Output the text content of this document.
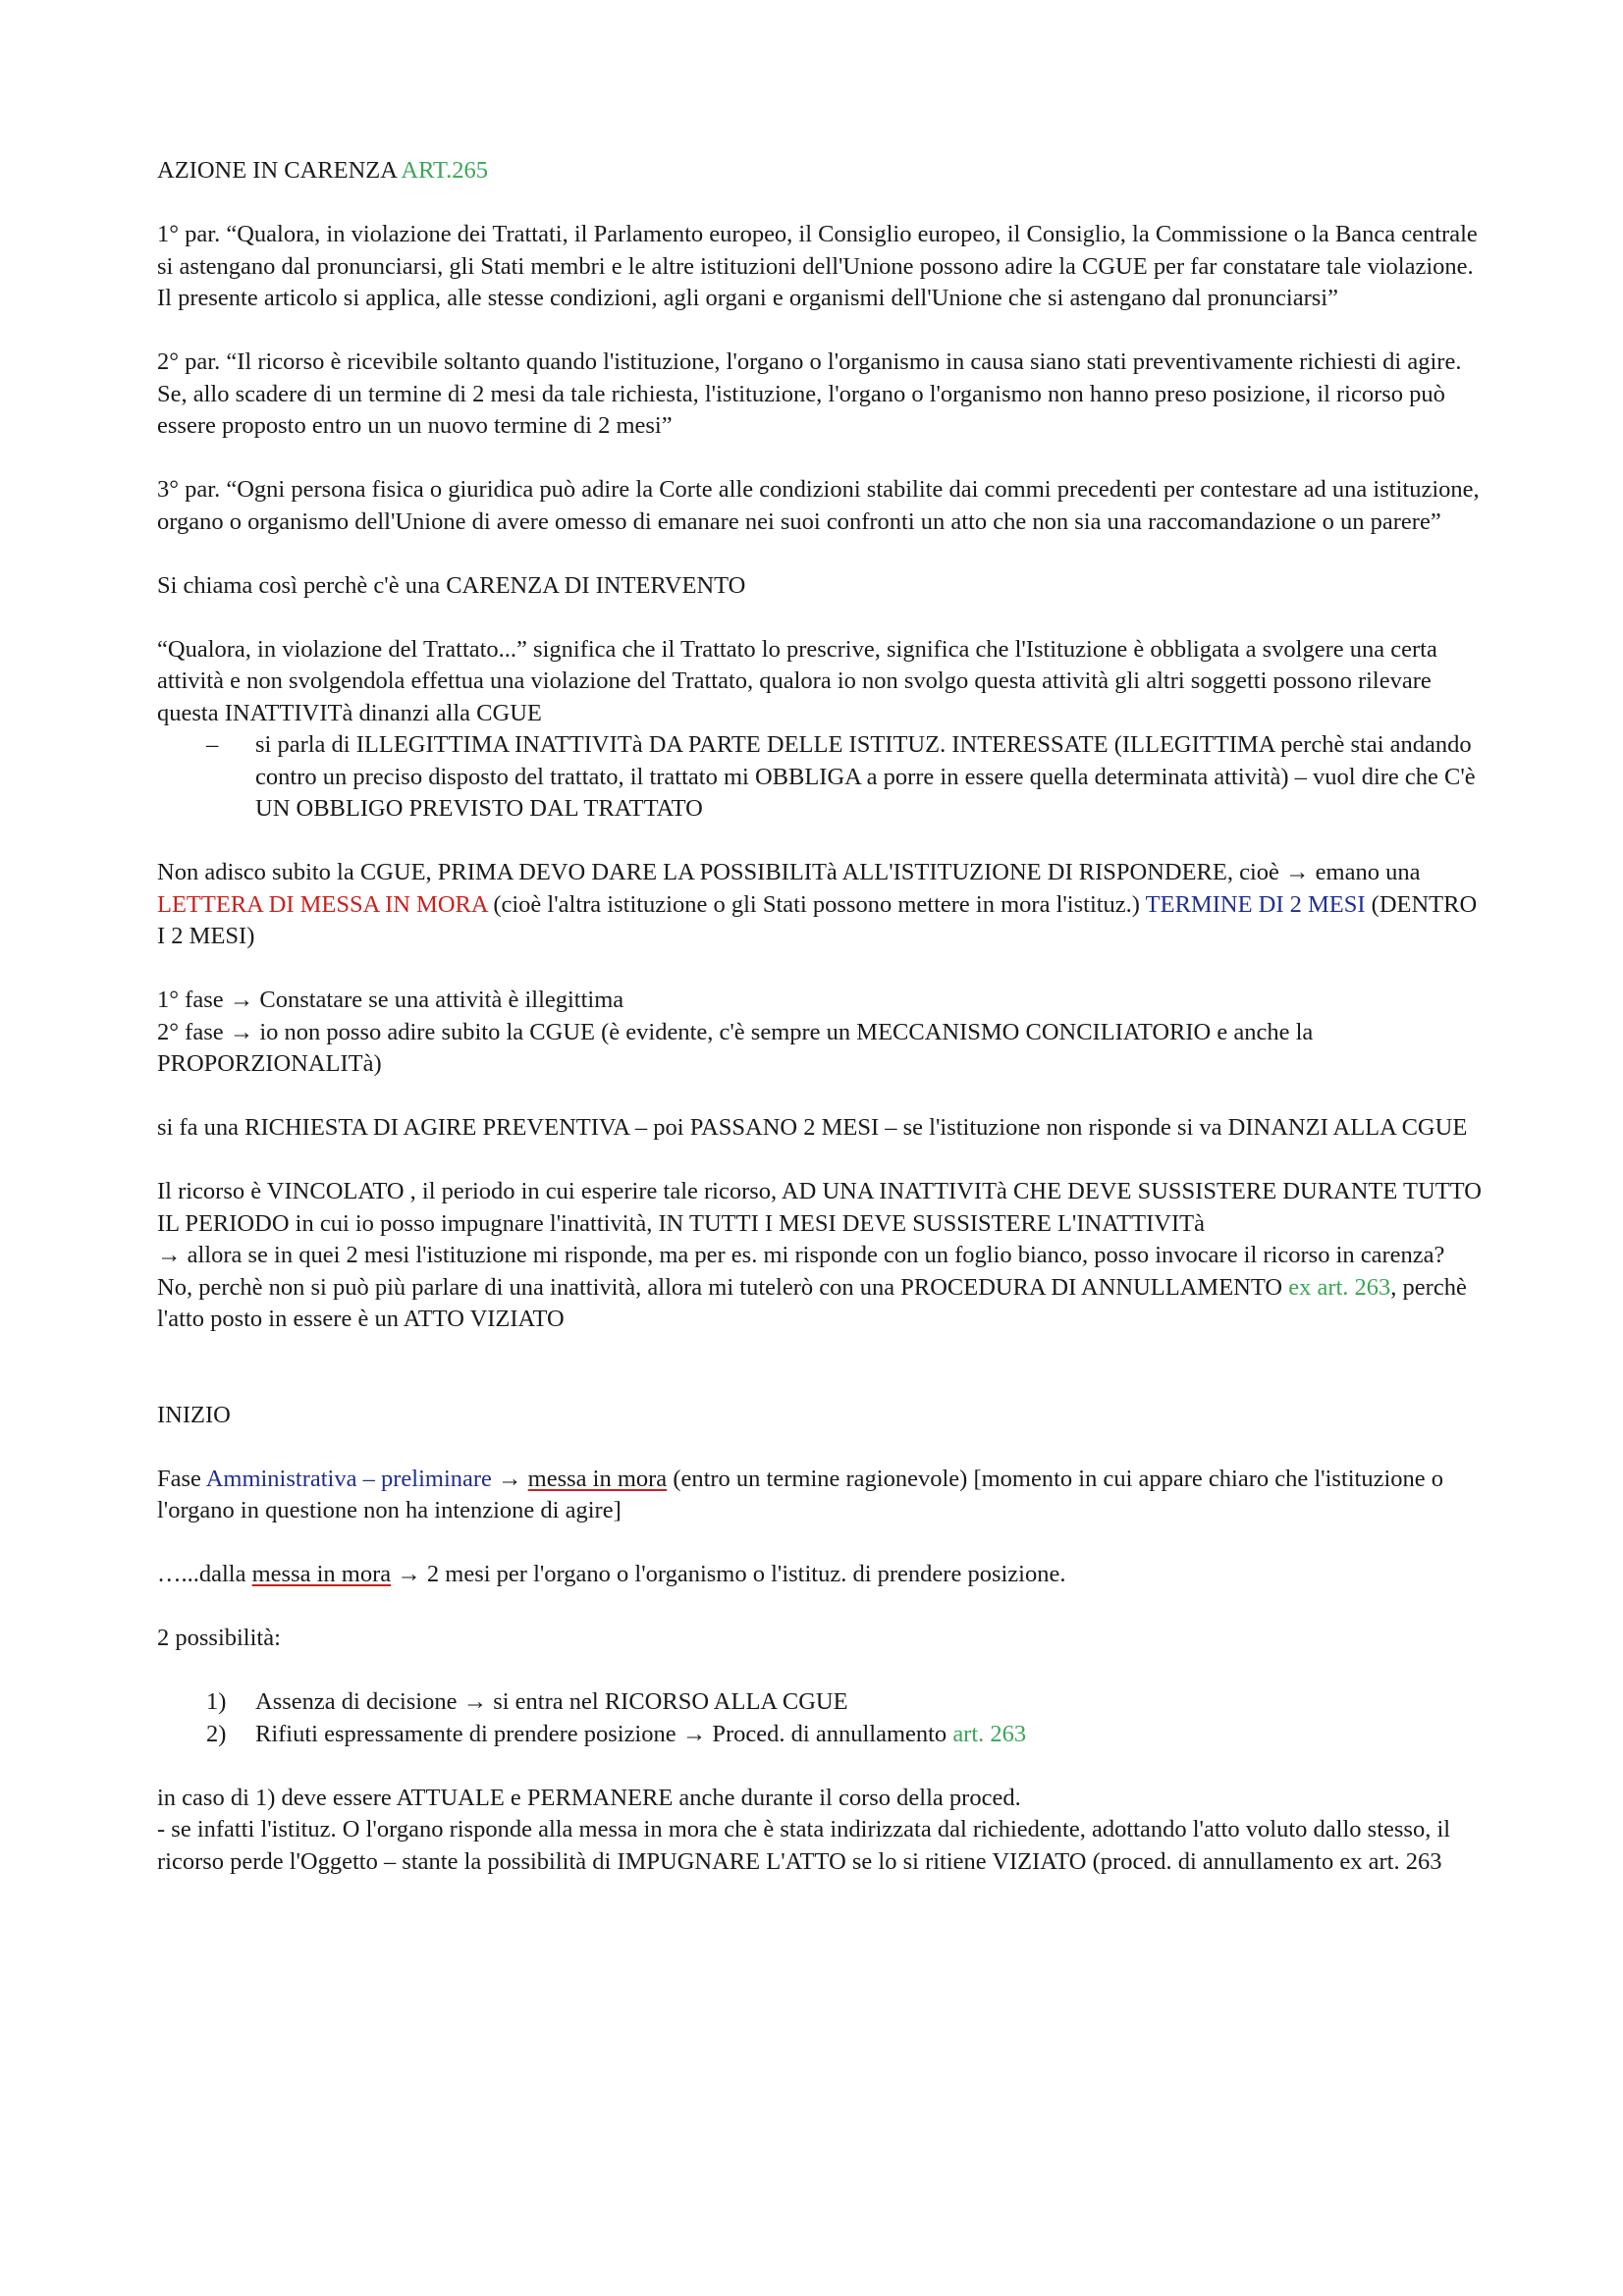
AZIONE IN CARENZA ART.265

1° par. “Qualora, in violazione dei Trattati, il Parlamento europeo, il Consiglio europeo, il Consiglio, la Commissione o la Banca centrale si astengano dal pronunciarsi, gli Stati membri e le altre istituzioni dell'Unione possono adire la CGUE per far constatare tale violazione. Il presente articolo si applica, alle stesse condizioni, agli organi e organismi dell'Unione che si astengano dal pronunciarsi”

2° par. “Il ricorso è ricevibile soltanto quando l'istituzione, l'organo o l'organismo in causa siano stati preventivamente richiesti di agire. Se, allo scadere di un termine di 2 mesi da tale richiesta, l'istituzione, l'organo o l'organismo non hanno preso posizione, il ricorso può essere proposto entro un un nuovo termine di 2 mesi”

3° par. “Ogni persona fisica o giuridica può adire la Corte alle condizioni stabilite dai commi precedenti per contestare ad una istituzione, organo o organismo dell'Unione di avere omesso di emanare nei suoi confronti un atto che non sia una raccomandazione o un parere”

Si chiama così perchè c'è una CARENZA DI INTERVENTO

“Qualora, in violazione del Trattato...” significa che il Trattato lo prescrive, significa che l'Istituzione è obbligata a svolgere una certa attività e non svolgendola effettua una violazione del Trattato, qualora io non svolgo questa attività gli altri soggetti possono rilevare questa INATTIVITà dinanzi alla CGUE

– si parla di ILLEGITTIMA INATTIVITà DA PARTE DELLE ISTITUZ. INTERESSATE (ILLEGITTIMA perchè stai andando contro un preciso disposto del trattato, il trattato mi OBBLIGA a porre in essere quella determinata attività) – vuol dire che C'è UN OBBLIGO PREVISTO DAL TRATTATO

Non adisco subito la CGUE, PRIMA DEVO DARE LA POSSIBILITà ALL'ISTITUZIONE DI RISPONDERE, cioè → emano una LETTERA DI MESSA IN MORA (cioè l'altra istituzione o gli Stati possono mettere in mora l'istituz.) TERMINE DI 2 MESI (DENTRO I 2 MESI)

1° fase → Constatare se una attività è illegittima

2° fase → io non posso adire subito la CGUE (è evidente, c'è sempre un MECCANISMO CONCILIATORIO e anche la PROPORZIONALITà)

si fa una RICHIESTA DI AGIRE PREVENTIVA – poi PASSANO 2 MESI – se l'istituzione non risponde si va DINANZI ALLA CGUE

Il ricorso è VINCOLATO , il periodo in cui esperire tale ricorso, AD UNA INATTIVITà CHE DEVE SUSSISTERE DURANTE TUTTO IL PERIODO in cui io posso impugnare l'inattività, IN TUTTI I MESI DEVE SUSSISTERE L'INATTIVITà

→ allora se in quei 2 mesi l'istituzione mi risponde, ma per es. mi risponde con un foglio bianco, posso invocare il ricorso in carenza? No, perchè non si può più parlare di una inattività, allora mi tutelerò con una PROCEDURA DI ANNULLAMENTO ex art. 263, perchè l'atto posto in essere è un ATTO VIZIATO

INIZIO

Fase Amministrativa – preliminare → messa in mora (entro un termine ragionevole) [momento in cui appare chiaro che l'istituzione o l'organo in questione non ha intenzione di agire]

…...dalla messa in mora → 2 mesi per l'organo o l'organismo o l'istituz. di prendere posizione.

2 possibilità:

1) Assenza di decisione → si entra nel RICORSO ALLA CGUE
2) Rifiuti espressamente di prendere posizione → Proced. di annullamento art. 263

in caso di 1) deve essere ATTUALE e PERMANERE anche durante il corso della proced.

- se infatti l'istituz. O l'organo risponde alla messa in mora che è stata indirizzata dal richiedente, adottando l'atto voluto dallo stesso, il ricorso perde l'Oggetto – stante la possibilità di IMPUGNARE L'ATTO se lo si ritiene VIZIATO (proced. di annullamento ex art. 263
